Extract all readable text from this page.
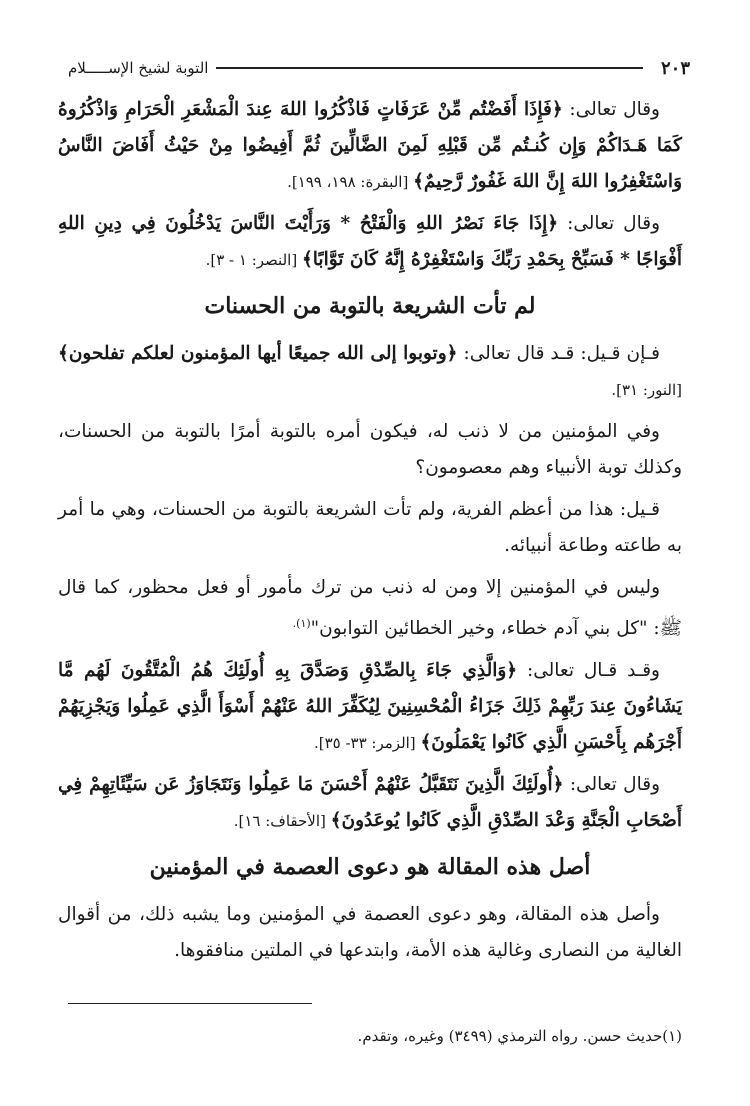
٢٠٣
التوبة لشيخ الإســـــلام

وقال تعالى: ﴿فَإِذَا أَفَضْتُم مِّنْ عَرَفَاتٍ فَاذْكُرُوا اللهَ عِندَ الْمَشْعَرِ الْحَرَامِ وَاذْكُرُوهُ كَمَا هَـدَاكُمْ وَإِن كُنـتُم مِّن قَبْلِهِ لَمِنَ الضَّالِّينَ ثُمَّ أَفِيضُوا مِنْ حَيْثُ أَفَاضَ النَّاسُ وَاسْتَغْفِرُوا اللهَ إِنَّ اللهَ غَفُورٌ رَّحِيمٌ﴾ [البقرة: ١٩٨، ١٩٩].

وقال تعالى: ﴿إِذَا جَاءَ نَصْرُ اللهِ وَالْفَتْحُ * وَرَأَيْتَ النَّاسَ يَدْخُلُونَ فِي دِينِ اللهِ أَفْوَاجًا * فَسَبِّحْ بِحَمْدِ رَبِّكَ وَاسْتَغْفِرْهُ إِنَّهُ كَانَ تَوَّابًا﴾ [النصر: ١ - ٣].

لم تأت الشريعة بالتوبة من الحسنات

فـإن قـيل: قـد قال تعالى: ﴿وتوبوا إلى الله جميعًا أيها المؤمنون لعلكم تفلحون﴾ [النور: ٣١].

وفي المؤمنين من لا ذنب له، فيكون أمره بالتوبة أمرًا بالتوبة من الحسنات، وكذلك توبة الأنبياء وهم معصومون؟

قـيل: هذا من أعظم الفرية، ولم تأت الشريعة بالتوبة من الحسنات، وهي ما أمر به طاعته وطاعة أنبيائه.

وليس في المؤمنين إلا ومن له ذنب من ترك مأمور أو فعل محظور، كما قال ﷺ: "كل بني آدم خطاء، وخير الخطائين التوابون"$^{(١).}$

وقـد قـال تعالى: ﴿وَالَّذِي جَاءَ بِالصِّدْقِ وَصَدَّقَ بِهِ أُولَئِكَ هُمُ الْمُتَّقُونَ لَهُم مَّا يَشَاءُونَ عِندَ رَبِّهِمْ ذَلِكَ جَزَاءُ الْمُحْسِنِينَ لِيُكَفِّرَ اللهُ عَنْهُمْ أَسْوَأَ الَّذِي عَمِلُوا وَيَجْزِيَهُمْ أَجْرَهُم بِأَحْسَنِ الَّذِي كَانُوا يَعْمَلُونَ﴾ [الزمر: ٣٣- ٣٥].

وقال تعالى: ﴿أُولَئِكَ الَّذِينَ نَتَقَبَّلُ عَنْهُمْ أَحْسَنَ مَا عَمِلُوا وَنَتَجَاوَزُ عَن سَيِّئَاتِهِمْ فِي أَصْحَابِ الْجَنَّةِ وَعْدَ الصِّدْقِ الَّذِي كَانُوا يُوعَدُونَ﴾ [الأحقاف: ١٦].

أصل هذه المقالة هو دعوى العصمة في المؤمنين

وأصل هذه المقالة، وهو دعوى العصمة في المؤمنين وما يشبه ذلك، من أقوال الغالية من النصارى وغالية هذه الأمة، وابتدعها في الملتين منافقوها.

(١)حديث حسن. رواه الترمذي (٣٤٩٩) وغيره، وتقدم.
